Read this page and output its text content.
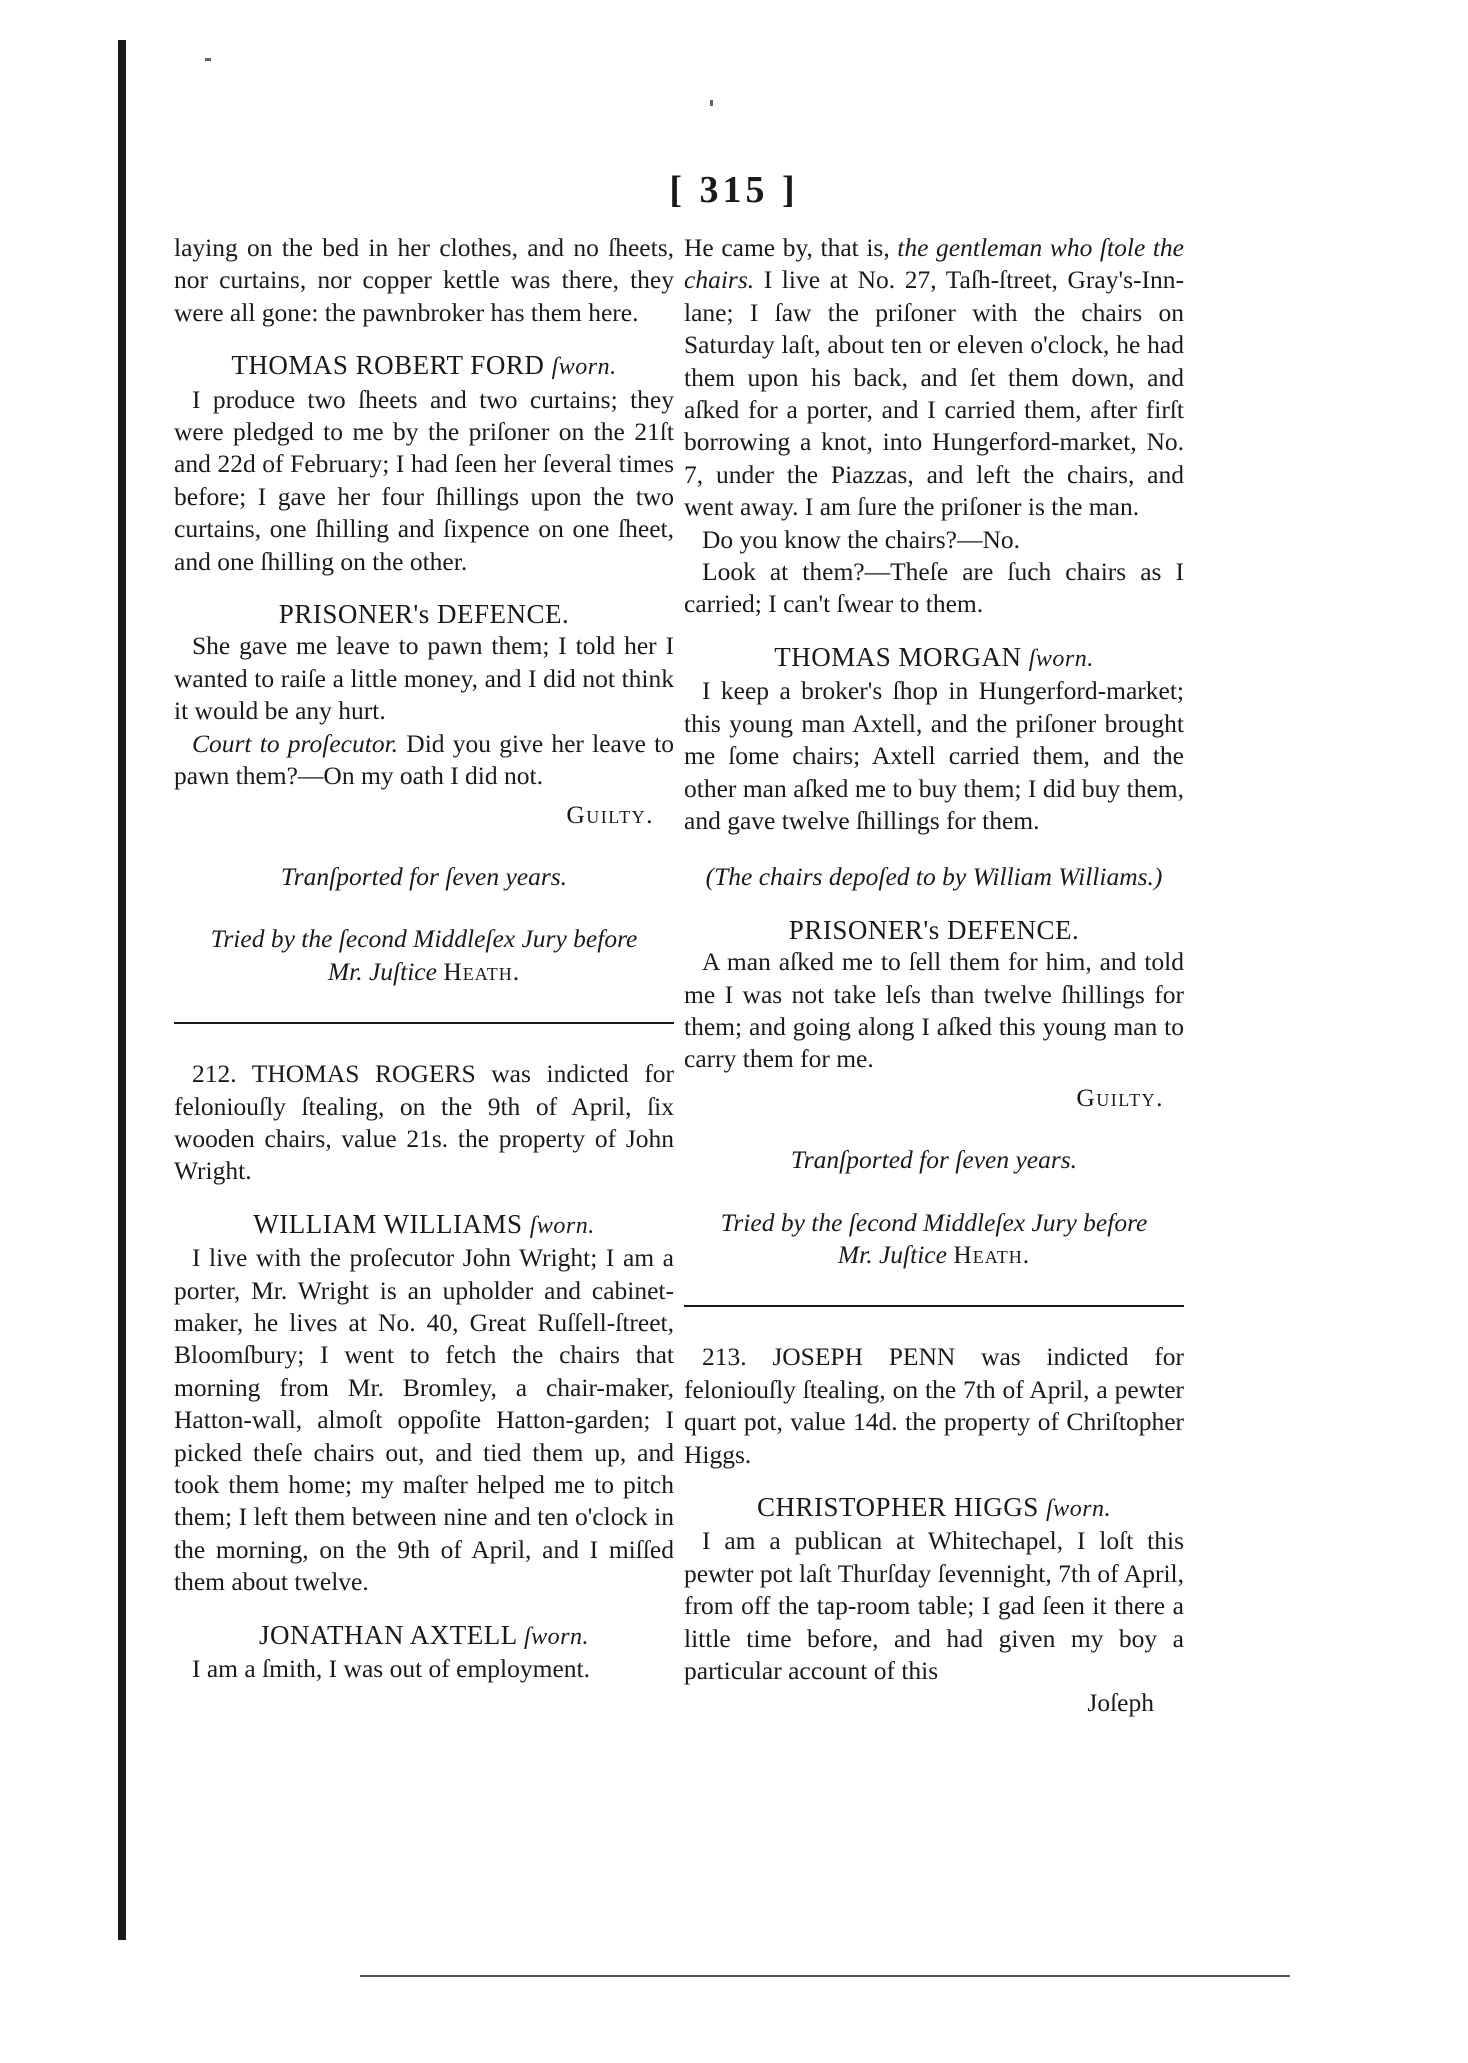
[ 315 ]

laying on the bed in her clothes, and no ſheets, nor curtains, nor copper kettle was there, they were all gone: the pawnbroker has them here.

THOMAS ROBERT FORD ſworn.

I produce two ſheets and two curtains; they were pledged to me by the priſoner on the 21ſt and 22d of February; I had ſeen her ſeveral times before; I gave her four ſhillings upon the two curtains, one ſhilling and ſixpence on one ſheet, and one ſhilling on the other.

PRISONER's DEFENCE.

She gave me leave to pawn them; I told her I wanted to raiſe a little money, and I did not think it would be any hurt.

Court to proſecutor. Did you give her leave to pawn them?—On my oath I did not.

Guilty.
Tranſported for ſeven years.
Tried by the ſecond Middleſex Jury before
Mr. Juſtice Heath.

212. THOMAS ROGERS was indicted for feloniouſly ſtealing, on the 9th of April, ſix wooden chairs, value 21s. the property of John Wright.

WILLIAM WILLIAMS ſworn.

I live with the proſecutor John Wright; I am a porter, Mr. Wright is an upholder and cabinet-maker, he lives at No. 40, Great Ruſſell-ſtreet, Bloomſbury; I went to fetch the chairs that morning from Mr. Bromley, a chair-maker, Hatton-wall, almoſt oppoſite Hatton-garden; I picked theſe chairs out, and tied them up, and took them home; my maſter helped me to pitch them; I left them between nine and ten o'clock in the morning, on the 9th of April, and I miſſed them about twelve.

JONATHAN AXTELL ſworn.

I am a ſmith, I was out of employment.

He came by, that is, the gentleman who ſtole the chairs. I live at No. 27, Taſh-ſtreet, Gray's-Inn-lane; I ſaw the priſoner with the chairs on Saturday laſt, about ten or eleven o'clock, he had them upon his back, and ſet them down, and aſked for a porter, and I carried them, after firſt borrowing a knot, into Hungerford-market, No. 7, under the Piazzas, and left the chairs, and went away. I am ſure the priſoner is the man.

Do you know the chairs?—No.

Look at them?—Theſe are ſuch chairs as I carried; I can't ſwear to them.

THOMAS MORGAN ſworn.

I keep a broker's ſhop in Hungerford-market; this young man Axtell, and the priſoner brought me ſome chairs; Axtell carried them, and the other man aſked me to buy them; I did buy them, and gave twelve ſhillings for them.

(The chairs depoſed to by William Williams.)
PRISONER's DEFENCE.

A man aſked me to ſell them for him, and told me I was not take leſs than twelve ſhillings for them; and going along I aſked this young man to carry them for me.

Guilty.
Tranſported for ſeven years.
Tried by the ſecond Middleſex Jury before
Mr. Juſtice Heath.

213. JOSEPH PENN was indicted for feloniouſly ſtealing, on the 7th of April, a pewter quart pot, value 14d. the property of Chriſtopher Higgs.

CHRISTOPHER HIGGS ſworn.

I am a publican at Whitechapel, I loſt this pewter pot laſt Thurſday ſevennight, 7th of April, from off the tap-room table; I gad ſeen it there a little time before, and had given my boy a particular account of this

Joſeph
